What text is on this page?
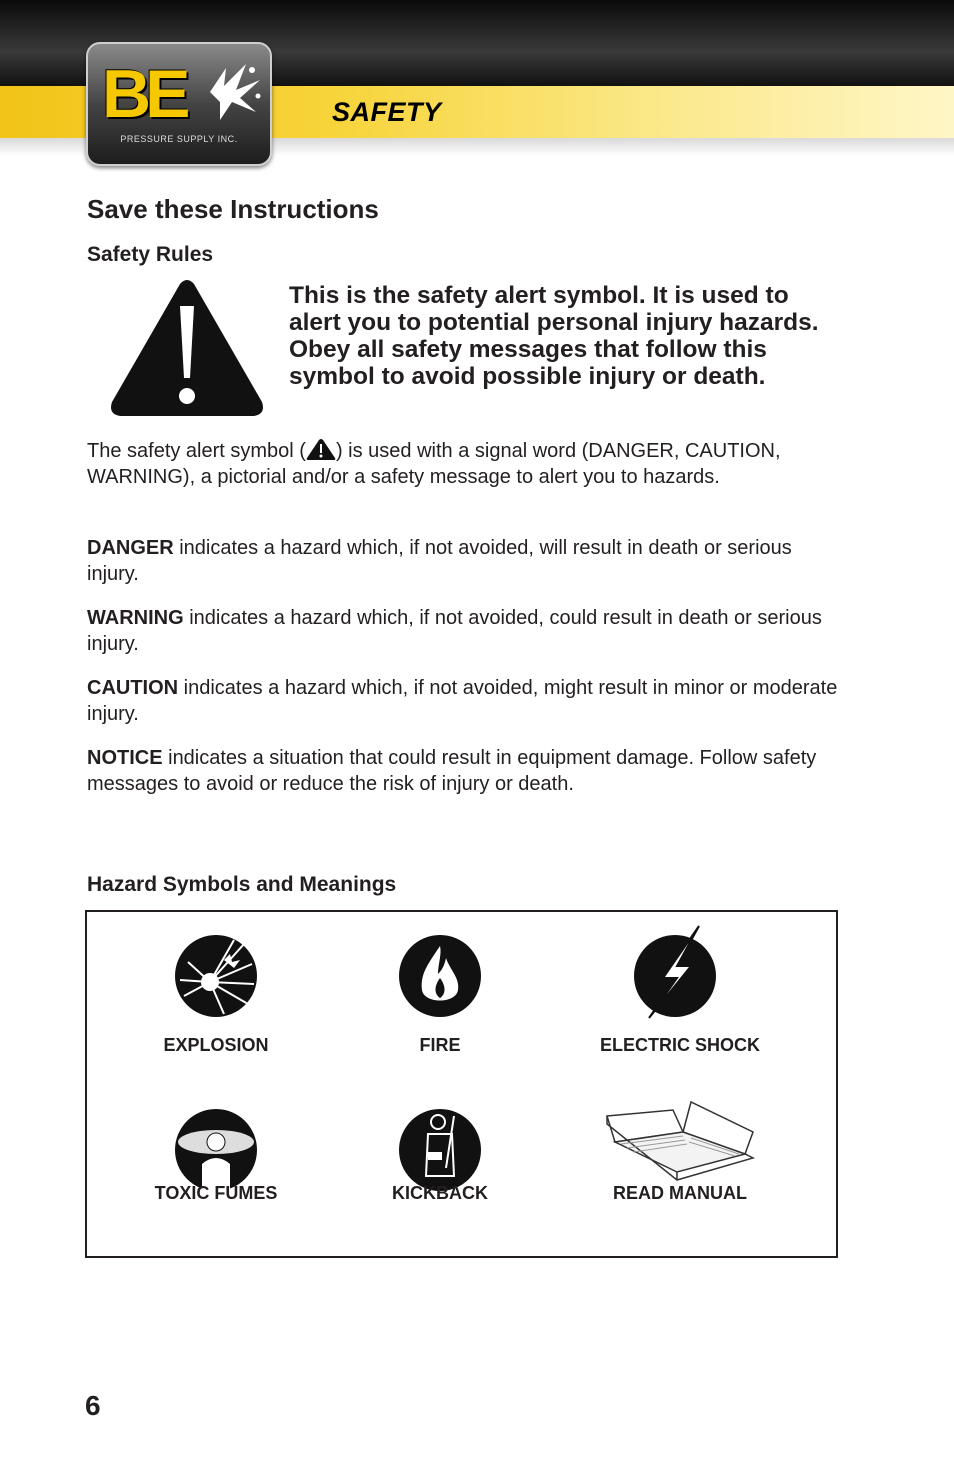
BE
PRESSURE SUPPLY INC.
SAFETY
Save these Instructions
Safety Rules
This is the safety alert symbol. It is used to alert you to potential personal injury hazards. Obey all safety messages that follow this symbol to avoid possible injury or death.
The safety alert symbol ( ) is used with a signal word (DANGER, CAUTION, WARNING), a pictorial and/or a safety message to alert you to hazards.
DANGER indicates a hazard which, if not avoided, will result in death or serious injury.
WARNING indicates a hazard which, if not avoided, could result in death or serious injury.
CAUTION indicates a hazard which, if not avoided, might result in minor or moderate injury.
NOTICE indicates a situation that could result in equipment damage. Follow safety messages to avoid or reduce the risk of injury or death.
Hazard Symbols and Meanings
EXPLOSION	FIRE	ELECTRIC SHOCK
TOXIC FUMES	KICKBACK	READ MANUAL
6
